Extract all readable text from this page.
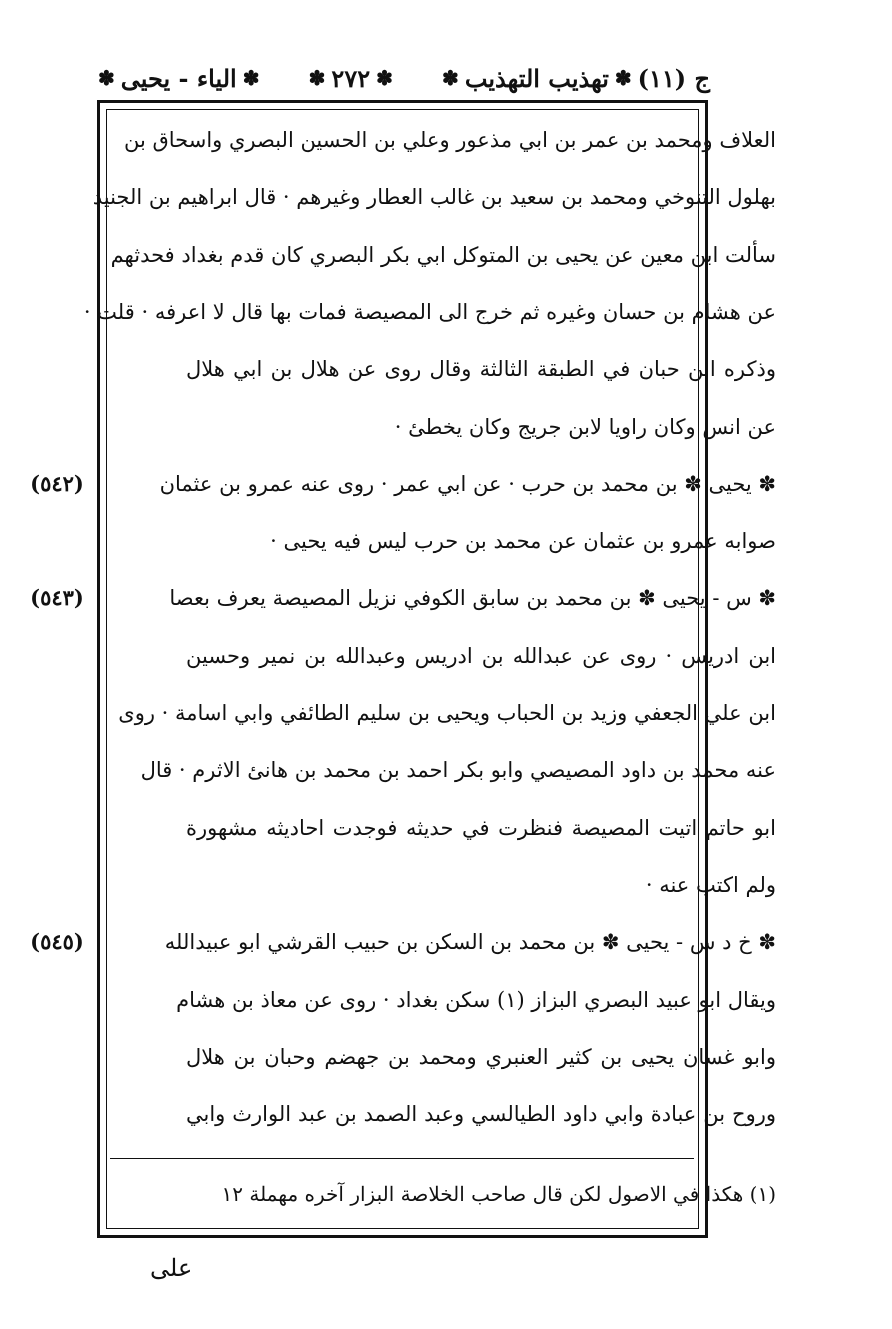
ج (١١)
✽
تهذيب التهذيب
✽
✽
٢٧٢
✽
✽
الياء - يحيى
✽
العلاف ومحمد بن عمر بن ابي مذعور وعلي بن الحسين البصري واسحاق بن
بهلول التنوخي ومحمد بن سعيد بن غالب العطار وغيرهم · قال ابراهيم بن الجنيد
سألت ابن معين عن يحيى بن المتوكل ابي بكر البصري كان قدم بغداد فحدثهم
عن هشام بن حسان وغيره ثم خرج الى المصيصة فمات بها قال لا اعرفه · قلت ·
وذكره ابن حبان في الطبقة الثالثة وقال روى عن هلال بن ابي هلال
عن انس وكان راويا لابن جريج وكان يخطئ ·
✽ يحيى ✽ بن محمد بن حرب · عن ابي عمر · روى عنه عمرو بن عثمان
(٥٤٢)
صوابه عمرو بن عثمان عن محمد بن حرب ليس فيه يحيى ·
✽ س - يحيى ✽ بن محمد بن سابق الكوفي نزيل المصيصة يعرف بعصا
(٥٤٣)
ابن ادريس · روى عن عبدالله بن ادريس وعبدالله بن نمير وحسين
ابن علي الجعفي وزيد بن الحباب ويحيى بن سليم الطائفي وابي اسامة · روى
عنه محمد بن داود المصيصي وابو بكر احمد بن محمد بن هانئ الاثرم · قال
ابو حاتم اتيت المصيصة فنظرت في حديثه فوجدت احاديثه مشهورة
ولم اكتب عنه ·
✽ خ د س - يحيى ✽ بن محمد بن السكن بن حبيب القرشي ابو عبيدالله
(٥٤٥)
ويقال ابو عبيد البصري البزاز (١) سكن بغداد · روى عن معاذ بن هشام
وابو غسان يحيى بن كثير العنبري ومحمد بن جهضم وحبان بن هلال
وروح بن عبادة وابي داود الطيالسي وعبد الصمد بن عبد الوارث وابي
(١) هكذا في الاصول لكن قال صاحب الخلاصة البزار آخره مهملة ١٢
على
